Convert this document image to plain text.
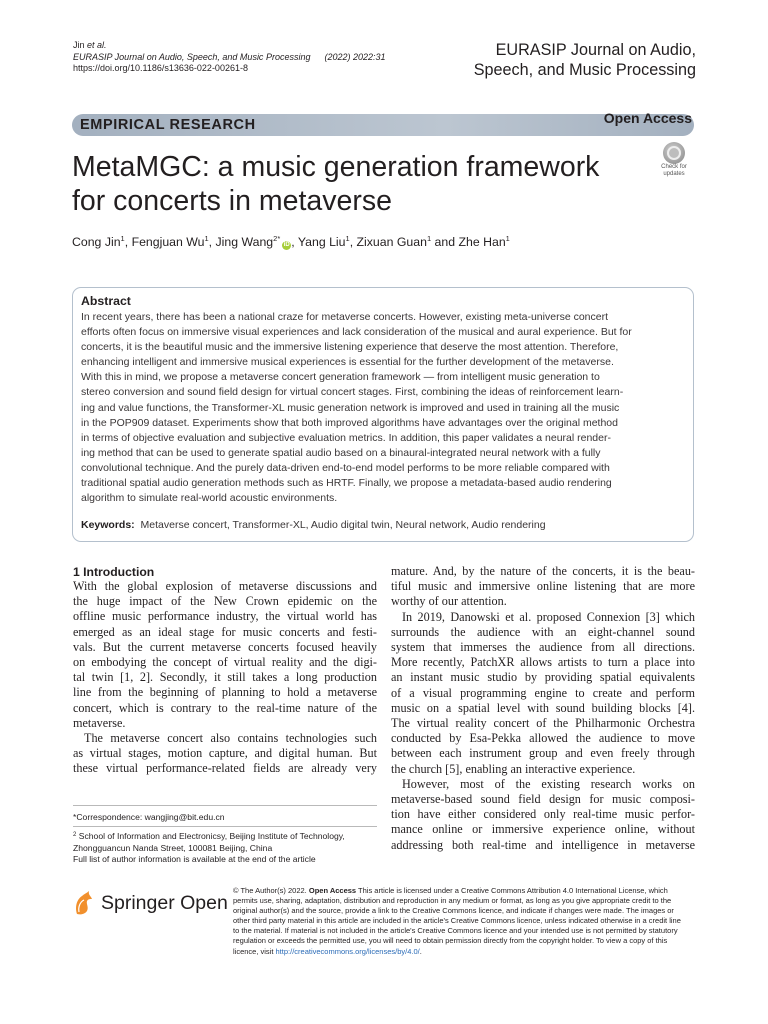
Jin et al.
EURASIP Journal on Audio, Speech, and Music Processing (2022) 2022:31
https://doi.org/10.1186/s13636-022-00261-8
EURASIP Journal on Audio,
Speech, and Music Processing
EMPIRICAL RESEARCH	Open Access
MetaMGC: a music generation framework
for concerts in metaverse
Check for
updates
Cong Jin$^1$, Fengjuan Wu$^1$, Jing Wang$^{2*}$iD , Yang Liu$^1$, Zixuan Guan$^1$ and Zhe Han$^1$
Abstract
In recent years, there has been a national craze for metaverse concerts. However, existing meta-universe concert
efforts often focus on immersive visual experiences and lack consideration of the musical and aural experience. But for
concerts, it is the beautiful music and the immersive listening experience that deserve the most attention. Therefore,
enhancing intelligent and immersive musical experiences is essential for the further development of the metaverse.
With this in mind, we propose a metaverse concert generation framework — from intelligent music generation to
stereo conversion and sound field design for virtual concert stages. First, combining the ideas of reinforcement learn-
ing and value functions, the Transformer-XL music generation network is improved and used in training all the music
in the POP909 dataset. Experiments show that both improved algorithms have advantages over the original method
in terms of objective evaluation and subjective evaluation metrics. In addition, this paper validates a neural render-
ing method that can be used to generate spatial audio based on a binaural-integrated neural network with a fully
convolutional technique. And the purely data-driven end-to-end model performs to be more reliable compared with
traditional spatial audio generation methods such as HRTF. Finally, we propose a metadata-based audio rendering
algorithm to simulate real-world acoustic environments.
Keywords: Metaverse concert, Transformer-XL, Audio digital twin, Neural network, Audio rendering
1 Introduction
With the global explosion of metaverse discussions and
the huge impact of the New Crown epidemic on the
offline music performance industry, the virtual world has
emerged as an ideal stage for music concerts and festi-
vals. But the current metaverse concerts focused heavily
on embodying the concept of virtual reality and the digi-
tal twin [1, 2]. Secondly, it still takes a long production
line from the beginning of planning to hold a metaverse
concert, which is contrary to the real-time nature of the
metaverse.
The metaverse concert also contains technologies such
as virtual stages, motion capture, and digital human. But
these virtual performance-related fields are already very
mature. And, by the nature of the concerts, it is the beau-
tiful music and immersive online listening that are more
worthy of our attention.
In 2019, Danowski et al. proposed Connexion [3] which
surrounds the audience with an eight-channel sound
system that immerses the audience from all directions.
More recently, PatchXR allows artists to turn a place into
an instant music studio by providing spatial equivalents
of a visual programming engine to create and perform
music on a spatial level with sound building blocks [4].
The virtual reality concert of the Philharmonic Orchestra
conducted by Esa-Pekka allowed the audience to move
between each instrument group and even freely through
the church [5], enabling an interactive experience.
However, most of the existing research works on
metaverse-based sound field design for music composi-
tion have either considered only real-time music perfor-
mance online or immersive experience online, without
addressing both real-time and intelligence in metaverse
*Correspondence: wangjing@bit.edu.cn
$^2$ School of Information and Electronicsy, Beijing Institute of Technology,
Zhongguancun Nanda Street, 100081 Beijing, China
Full list of author information is available at the end of the article
Springer Open
© The Author(s) 2022. Open Access This article is licensed under a Creative Commons Attribution 4.0 International License, which
permits use, sharing, adaptation, distribution and reproduction in any medium or format, as long as you give appropriate credit to the
original author(s) and the source, provide a link to the Creative Commons licence, and indicate if changes were made. The images or
other third party material in this article are included in the article's Creative Commons licence, unless indicated otherwise in a credit line
to the material. If material is not included in the article's Creative Commons licence and your intended use is not permitted by statutory
regulation or exceeds the permitted use, you will need to obtain permission directly from the copyright holder. To view a copy of this
licence, visit http://creativecommons.org/licenses/by/4.0/.
